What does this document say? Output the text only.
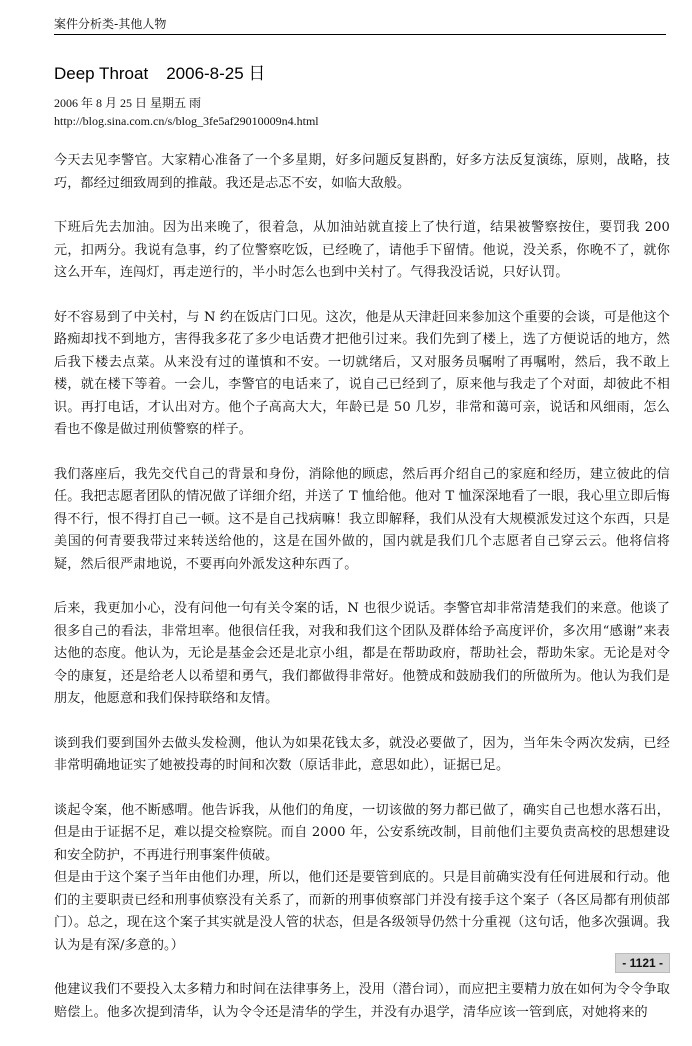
案件分析类-其他人物
Deep Throat 2006-8-25 日
2006 年 8 月 25 日 星期五 雨
http://blog.sina.com.cn/s/blog_3fe5af29010009n4.html

今天去见李警官。大家精心准备了一个多星期，好多问题反复斟酌，好多方法反复演练，原则，战略，技巧，都经过细致周到的推敲。我还是忐忑不安，如临大敌般。

下班后先去加油。因为出来晚了，很着急，从加油站就直接上了快行道，结果被警察按住，要罚我 200 元，扣两分。我说有急事，约了位警察吃饭，已经晚了，请他手下留情。他说，没关系，你晚不了，就你这么开车，连闯灯，再走逆行的，半小时怎么也到中关村了。气得我没话说，只好认罚。

好不容易到了中关村，与 N 约在饭店门口见。这次，他是从天津赶回来参加这个重要的会谈，可是他这个路痴却找不到地方，害得我多花了多少电话费才把他引过来。我们先到了楼上，选了方便说话的地方，然后我下楼去点菜。从来没有过的谨慎和不安。一切就绪后，又对服务员嘱咐了再嘱咐，然后，我不敢上楼，就在楼下等着。一会儿，李警官的电话来了，说自己已经到了，原来他与我走了个对面，却彼此不相识。再打电话，才认出对方。他个子高高大大，年龄已是 50 几岁，非常和蔼可亲，说话和风细雨，怎么看也不像是做过刑侦警察的样子。

我们落座后，我先交代自己的背景和身份，消除他的顾虑，然后再介绍自己的家庭和经历，建立彼此的信任。我把志愿者团队的情况做了详细介绍，并送了 T 恤给他。他对 T 恤深深地看了一眼，我心里立即后悔得不行，恨不得打自己一顿。这不是自己找病嘛！我立即解释，我们从没有大规模派发过这个东西，只是美国的何青要我带过来转送给他的，这是在国外做的，国内就是我们几个志愿者自己穿云云。他将信将疑，然后很严肃地说，不要再向外派发这种东西了。

后来，我更加小心，没有问他一句有关令案的话，N 也很少说话。李警官却非常清楚我们的来意。他谈了很多自己的看法，非常坦率。他很信任我，对我和我们这个团队及群体给予高度评价，多次用“感谢”来表达他的态度。他认为，无论是基金会还是北京小组，都是在帮助政府，帮助社会，帮助朱家。无论是对令令的康复，还是给老人以希望和勇气，我们都做得非常好。他赞成和鼓励我们的所做所为。他认为我们是朋友，他愿意和我们保持联络和友情。

谈到我们要到国外去做头发检测，他认为如果花钱太多，就没必要做了，因为，当年朱令两次发病，已经非常明确地证实了她被投毒的时间和次数（原话非此，意思如此），证据已足。

谈起令案，他不断感喟。他告诉我，从他们的角度，一切该做的努力都已做了，确实自己也想水落石出，但是由于证据不足，难以提交检察院。而自 2000 年，公安系统改制，目前他们主要负责高校的思想建设和安全防护，不再进行刑事案件侦破。

但是由于这个案子当年由他们办理，所以，他们还是要管到底的。只是目前确实没有任何进展和行动。他们的主要职责已经和刑事侦察没有关系了，而新的刑事侦察部门并没有接手这个案子（各区局都有刑侦部门）。总之，现在这个案子其实就是没人管的状态，但是各级领导仍然十分重视（这句话，他多次强调。我认为是有深/多意的。）

他建议我们不要投入太多精力和时间在法律事务上，没用（潜台词），而应把主要精力放在如何为令令争取赔偿上。他多次提到清华，认为令令还是清华的学生，并没有办退学，清华应该一管到底，对她将来的

- 1121 -
